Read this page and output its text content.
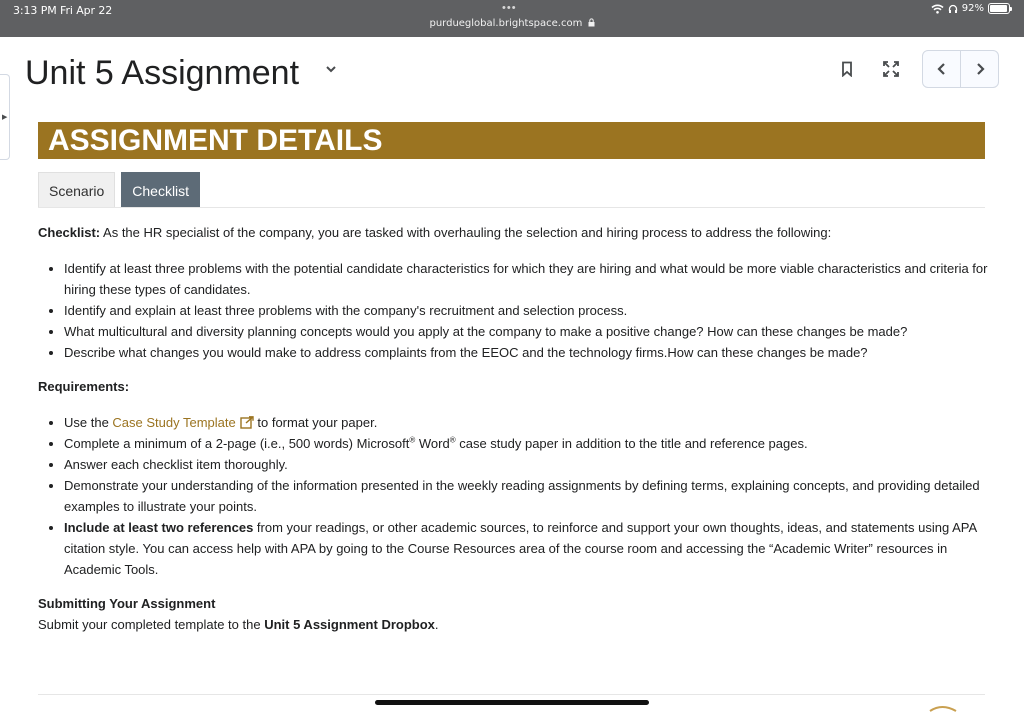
3:13 PM Fri Apr 22	•••
purdueglobal.brightspace.com
92%
▶
Unit 5 Assignment
ASSIGNMENT DETAILS
Scenario	Checklist

Checklist: As the HR specialist of the company, you are tasked with overhauling the selection and hiring process to address the following:

• Identify at least three problems with the potential candidate characteristics for which they are hiring and what would be more viable characteristics and criteria for hiring these types of candidates.
• Identify and explain at least three problems with the company's recruitment and selection process.
• What multicultural and diversity planning concepts would you apply at the company to make a positive change? How can these changes be made?
• Describe what changes you would make to address complaints from the EEOC and the technology firms.How can these changes be made?

Requirements:

• Use the Case Study Template to format your paper.
• Complete a minimum of a 2-page (i.e., 500 words) Microsoft® Word® case study paper in addition to the title and reference pages.
• Answer each checklist item thoroughly.
• Demonstrate your understanding of the information presented in the weekly reading assignments by defining terms, explaining concepts, and providing detailed examples to illustrate your points.
• Include at least two references from your readings, or other academic sources, to reinforce and support your own thoughts, ideas, and statements using APA citation style. You can access help with APA by going to the Course Resources area of the course room and accessing the “Academic Writer” resources in Academic Tools.

Submitting Your Assignment

Submit your completed template to the Unit 5 Assignment Dropbox.
